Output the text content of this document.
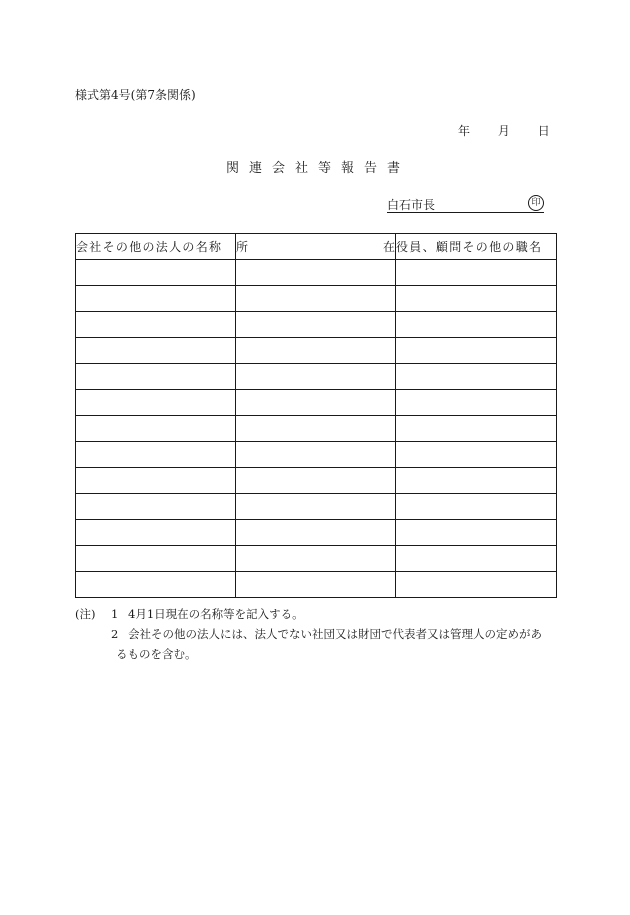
様式第4号(第7条関係)
年 月 日
関連会社等報告書
白石市長	印
会社その他の法人の名称	所 在	役員、顧問その他の職名

(注) 1 4月1日現在の名称等を記入する。
2 会社その他の法人には、法人でない社団又は財団で代表者又は管理人の定めがあ
るものを含む。
